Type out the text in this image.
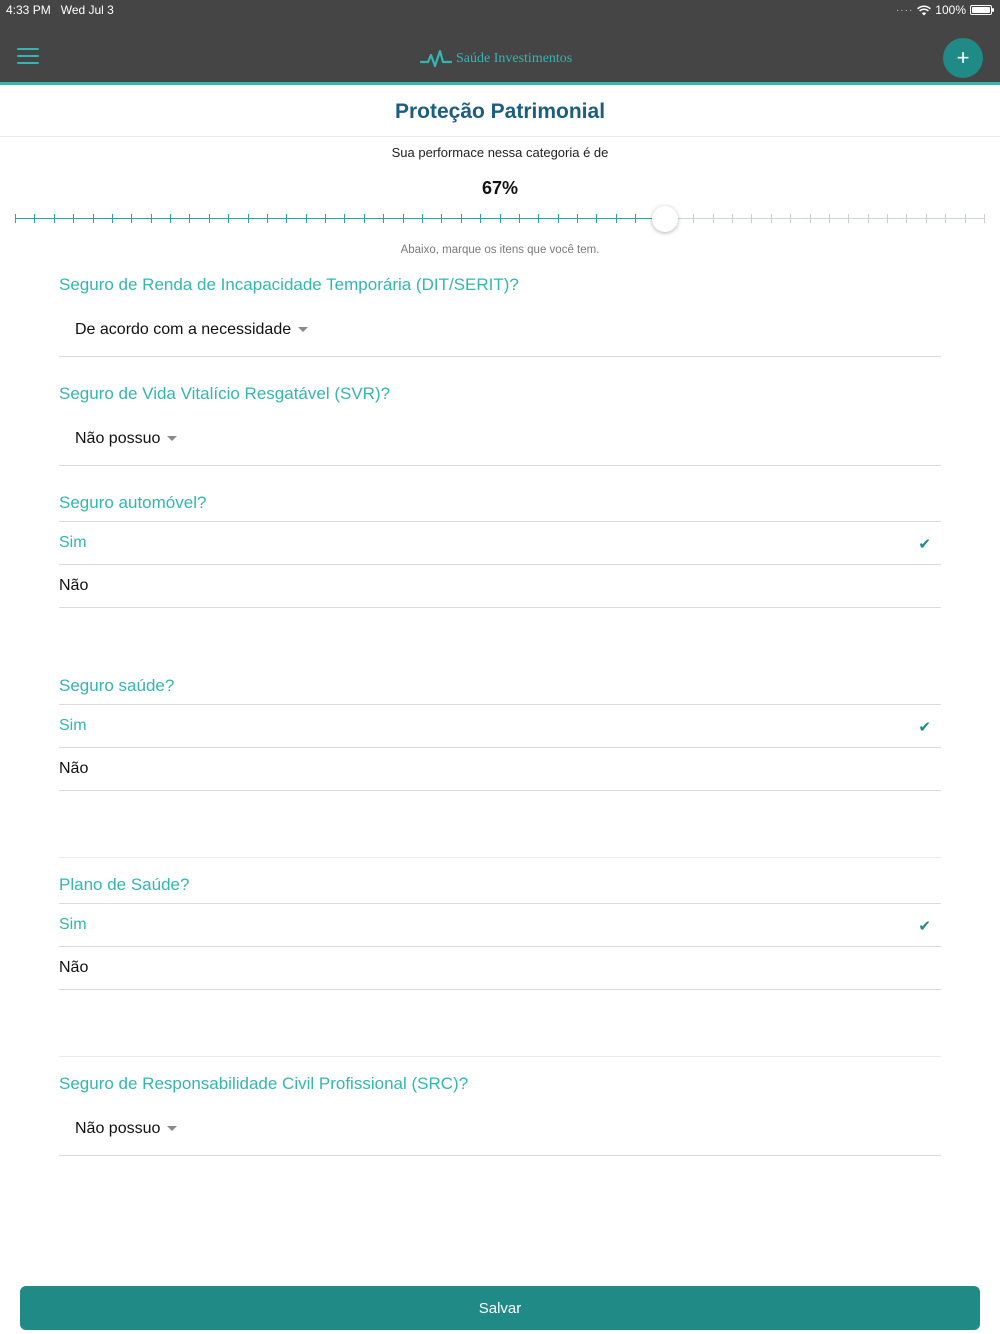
4:33 PM Wed Jul 3	···· 100%
Saúde Investimentos	+
Proteção Patrimonial
Sua performace nessa categoria é de
67%
Abaixo, marque os itens que você tem.
Seguro de Renda de Incapacidade Temporária (DIT/SERIT)?
De acordo com a necessidade
Seguro de Vida Vitalício Resgatável (SVR)?
Não possuo
Seguro automóvel?
Sim	✔
Não
Seguro saúde?
Sim	✔
Não
Plano de Saúde?
Sim	✔
Não
Seguro de Responsabilidade Civil Profissional (SRC)?
Não possuo
Salvar
